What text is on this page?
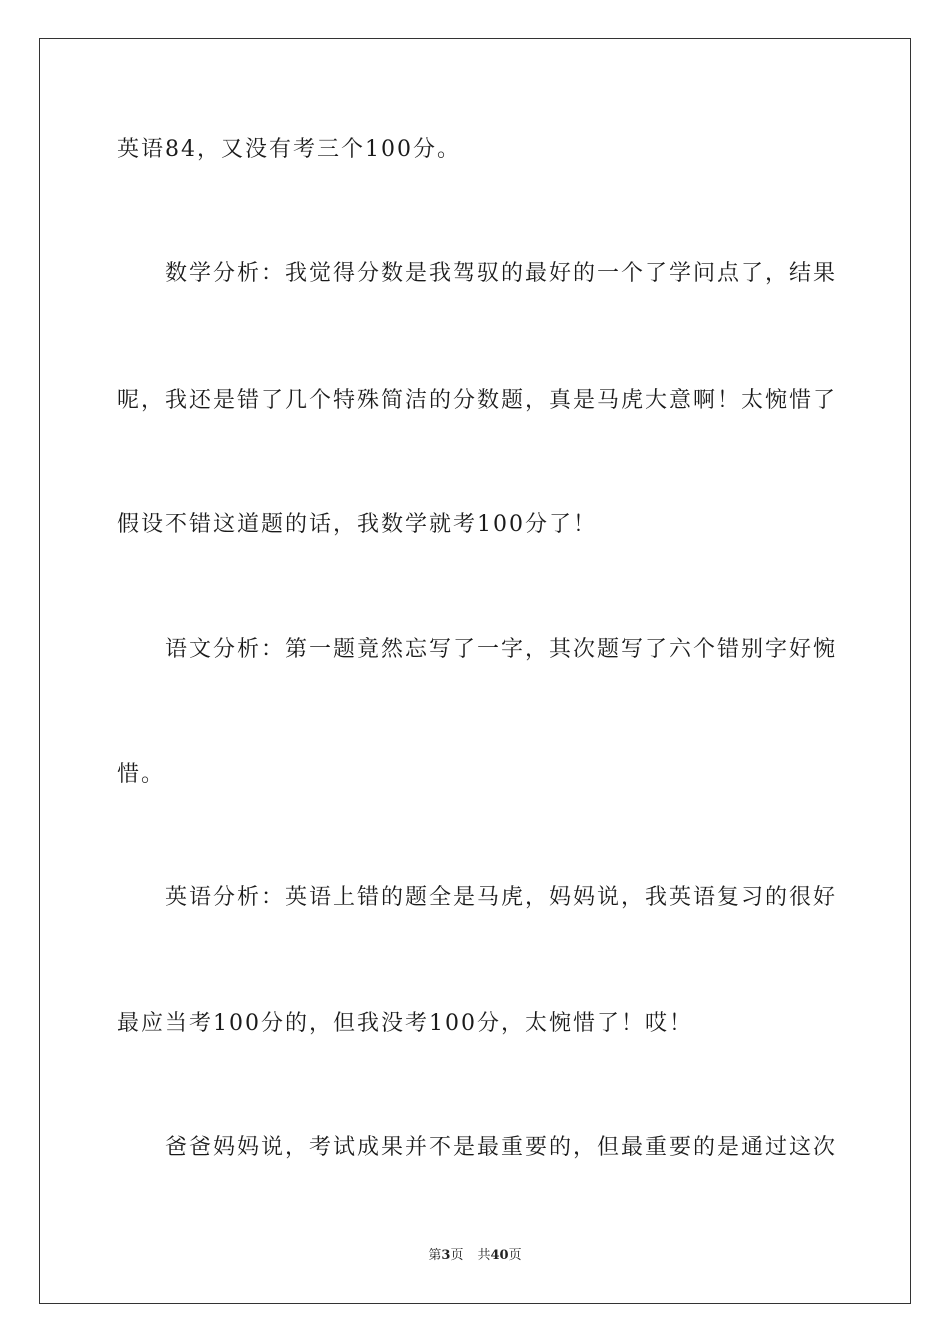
英语84，又没有考三个100分。
数学分析：我觉得分数是我驾驭的最好的一个了学问点了，结果
呢，我还是错了几个特殊简洁的分数题，真是马虎大意啊！太惋惜了
假设不错这道题的话，我数学就考100分了！
语文分析：第一题竟然忘写了一字，其次题写了六个错别字好惋
惜。
英语分析：英语上错的题全是马虎，妈妈说，我英语复习的很好
最应当考100分的，但我没考100分，太惋惜了！哎！
爸爸妈妈说，考试成果并不是最重要的，但最重要的是通过这次
第3页 共40页
